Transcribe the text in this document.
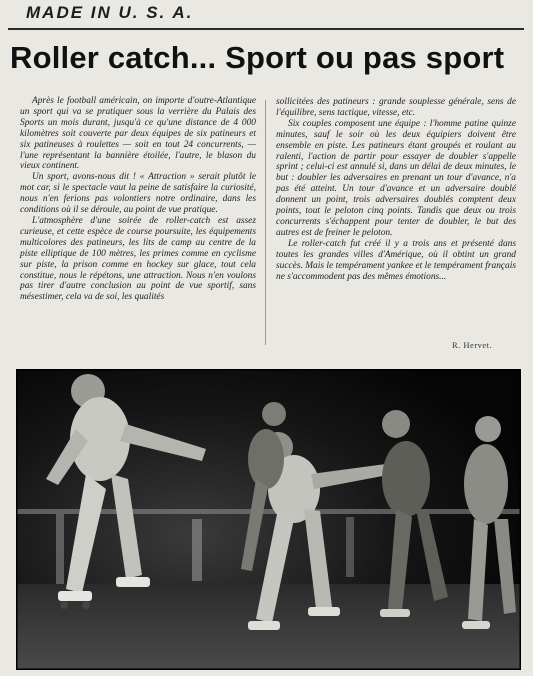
MADE IN U. S. A.
Roller catch... Sport ou pas sport

Après le football américain, on importe d'outre-Atlantique un sport qui va se pratiquer sous la verrière du Palais des Sports un mois durant, jusqu'à ce qu'une distance de 4 000 kilomètres soit couverte par deux équipes de six patineurs et six patineuses à roulettes — soit en tout 24 concurrents, — l'une représentant la bannière étoilée, l'autre, le blason du vieux continent.

Un sport, avons-nous dit ! « Attraction » serait plutôt le mot car, si le spectacle vaut la peine de satisfaire la curiosité, nous n'en ferions pas volontiers notre ordinaire, dans les conditions où il se déroule, au point de vue pratique.

L'atmosphère d'une soirée de roller-catch est assez curieuse, et cette espèce de course poursuite, les équipements multicolores des patineurs, les lits de camp au centre de la piste elliptique de 100 mètres, les primes comme en cyclisme sur piste, la prison comme en hockey sur glace, tout cela constitue, nous le répétons, une attraction. Nous n'en voulons pas tirer d'autre conclusion au point de vue sportif, sans mésestimer, cela va de soi, les qualités

sollicitées des patineurs : grande souplesse générale, sens de l'équilibre, sens tactique, vitesse, etc.

Six couples composent une équipe : l'homme patine quinze minutes, sauf le soir où les deux équipiers doivent être ensemble en piste. Les patineurs étant groupés et roulant au ralenti, l'action de partir pour essayer de doubler s'appelle sprint ; celui-ci est annulé si, dans un délai de deux minutes, le but : doubler les adversaires en prenant un tour d'avance, n'a pas été atteint. Un tour d'avance et un adversaire doublé donnent un point, trois adversaires doublés comptent deux points, tout le peloton cinq points. Tandis que deux ou trois concurrents s'échappent pour tenter de doubler, le but des autres est de freiner le peloton.

Le roller-catch fut créé il y a trois ans et présenté dans toutes les grandes villes d'Amérique, où il obtint un grand succès. Mais le tempérament yankee et le tempérament français ne s'accommodent pas des mêmes émotions...

R. Hervet.
